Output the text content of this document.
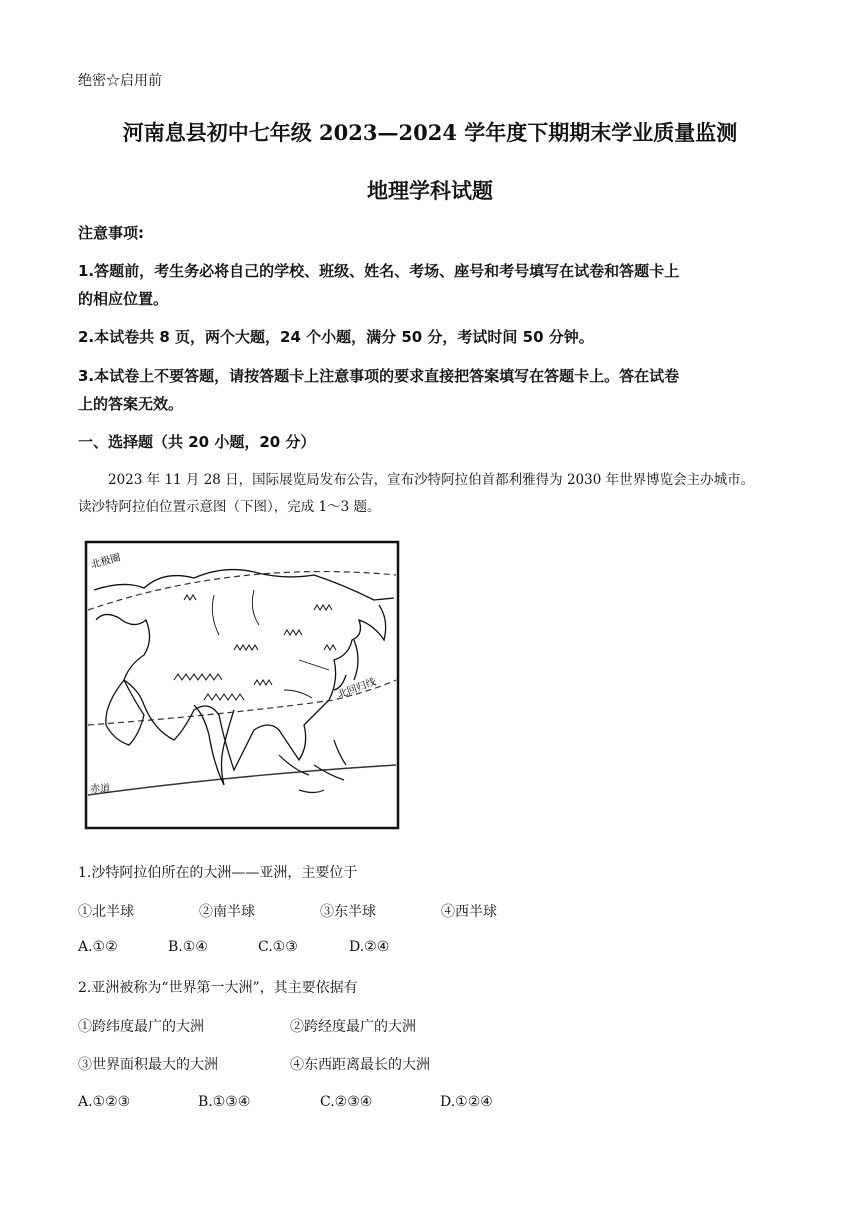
绝密☆启用前
河南息县初中七年级 2023—2024 学年度下期期末学业质量监测
地理学科试题
注意事项:
1.答题前，考生务必将自己的学校、班级、姓名、考场、座号和考号填写在试卷和答题卡上
的相应位置。
2.本试卷共 8 页，两个大题，24 个小题，满分 50 分，考试时间 50 分钟。
3.本试卷上不要答题，请按答题卡上注意事项的要求直接把答案填写在答题卡上。答在试卷
上的答案无效。
一、选择题（共 20 小题，20 分）
2023 年 11 月 28 日，国际展览局发布公告，宣布沙特阿拉伯首都利雅得为 2030 年世界博览会主办城市。
读沙特阿拉伯位置示意图（下图），完成 1～3 题。
北极圈
北回归线
赤道
1.沙特阿拉伯所在的大洲——亚洲，主要位于
①北半球	②南半球	③东半球	④西半球
A.①②	B.①④	C.①③	D.②④
2.亚洲被称为“世界第一大洲”，其主要依据有
①跨纬度最广的大洲	②跨经度最广的大洲
③世界面积最大的大洲	④东西距离最长的大洲
A.①②③	B.①③④	C.②③④	D.①②④
